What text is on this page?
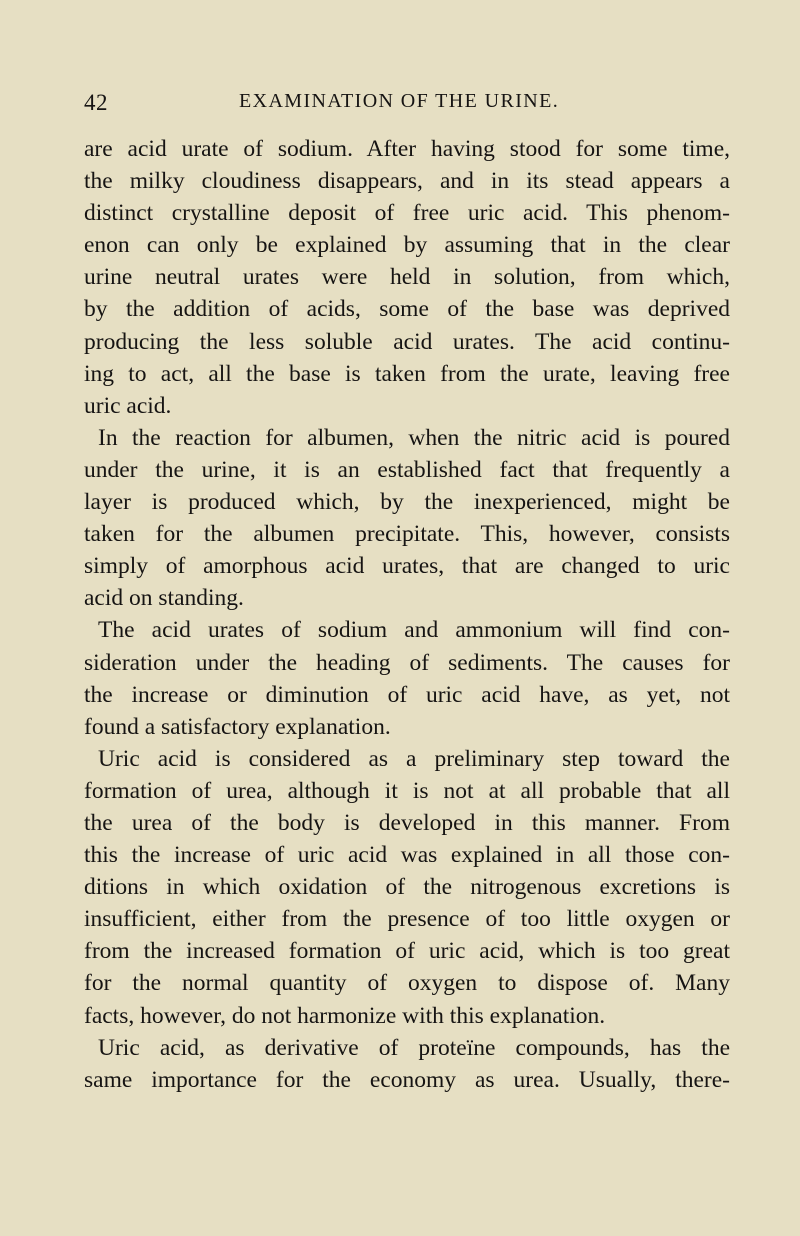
42	EXAMINATION OF THE URINE.
are acid urate of sodium. After having stood for some time,
the milky cloudiness disappears, and in its stead appears a
distinct crystalline deposit of free uric acid. This phenom-
enon can only be explained by assuming that in the clear
urine neutral urates were held in solution, from which,
by the addition of acids, some of the base was deprived
producing the less soluble acid urates. The acid continu-
ing to act, all the base is taken from the urate, leaving free
uric acid.
In the reaction for albumen, when the nitric acid is poured
under the urine, it is an established fact that frequently a
layer is produced which, by the inexperienced, might be
taken for the albumen precipitate. This, however, consists
simply of amorphous acid urates, that are changed to uric
acid on standing.
The acid urates of sodium and ammonium will find con-
sideration under the heading of sediments. The causes for
the increase or diminution of uric acid have, as yet, not
found a satisfactory explanation.
Uric acid is considered as a preliminary step toward the
formation of urea, although it is not at all probable that all
the urea of the body is developed in this manner. From
this the increase of uric acid was explained in all those con-
ditions in which oxidation of the nitrogenous excretions is
insufficient, either from the presence of too little oxygen or
from the increased formation of uric acid, which is too great
for the normal quantity of oxygen to dispose of. Many
facts, however, do not harmonize with this explanation.
Uric acid, as derivative of proteïne compounds, has the
same importance for the economy as urea. Usually, there-
